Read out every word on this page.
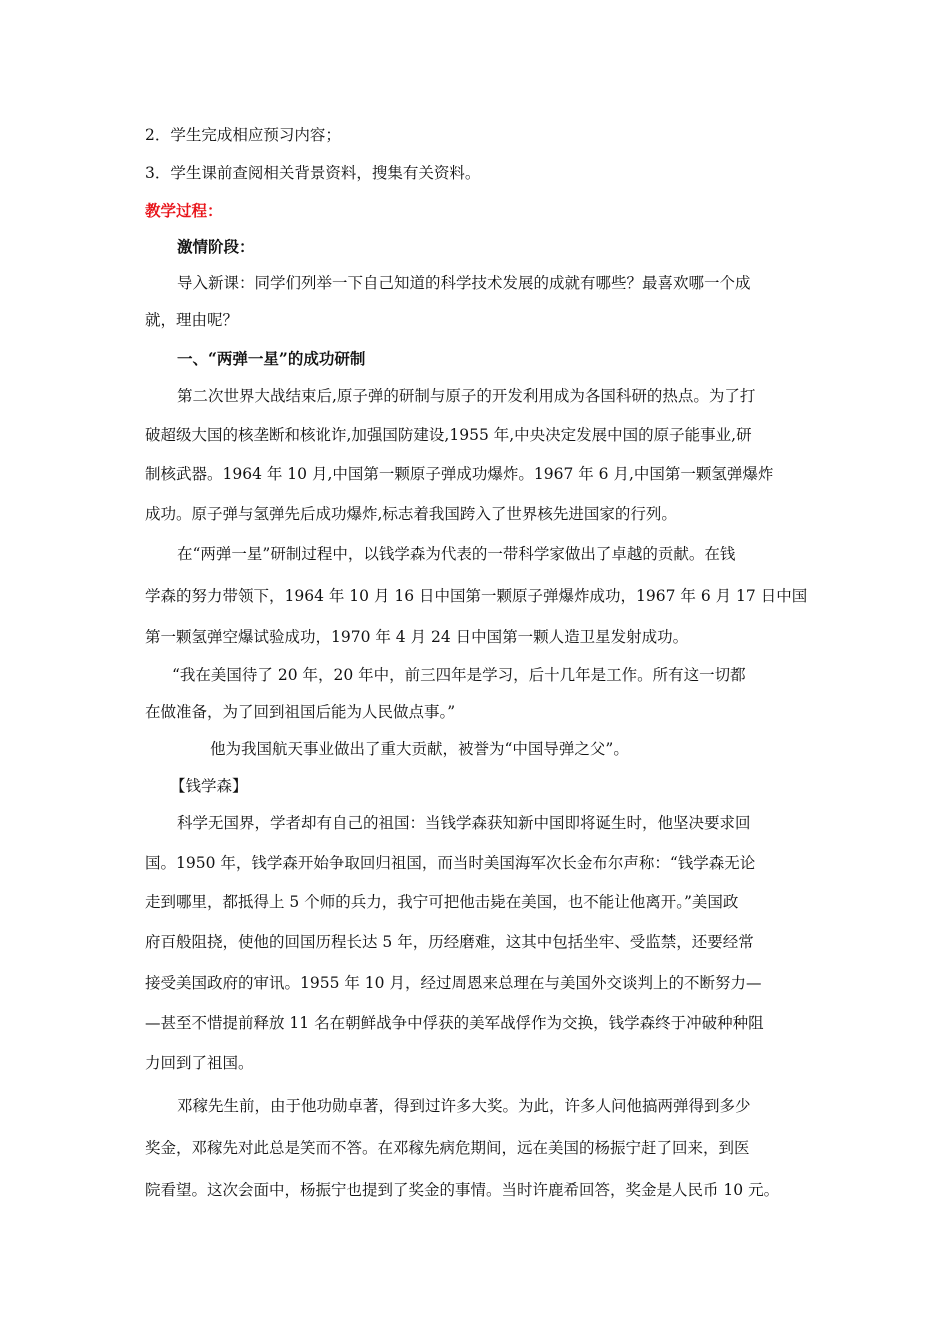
2．学生完成相应预习内容；
3．学生课前查阅相关背景资料，搜集有关资料。
教学过程：
激情阶段：
导入新课：同学们列举一下自己知道的科学技术发展的成就有哪些？最喜欢哪一个成
就，理由呢？
一、“两弹一星”的成功研制
第二次世界大战结束后,原子弹的研制与原子的开发利用成为各国科研的热点。为了打
破超级大国的核垄断和核讹诈,加强国防建设,1955 年,中央决定发展中国的原子能事业,研
制核武器。1964 年 10 月,中国第一颗原子弹成功爆炸。1967 年 6 月,中国第一颗氢弹爆炸
成功。原子弹与氢弹先后成功爆炸,标志着我国跨入了世界核先进国家的行列。
在“两弹一星”研制过程中，以钱学森为代表的一带科学家做出了卓越的贡献。在钱
学森的努力带领下，1964 年 10 月 16 日中国第一颗原子弹爆炸成功，1967 年 6 月 17 日中国
第一颗氢弹空爆试验成功，1970 年 4 月 24 日中国第一颗人造卫星发射成功。
“我在美国待了 20 年，20 年中，前三四年是学习，后十几年是工作。所有这一切都
在做准备，为了回到祖国后能为人民做点事。”
他为我国航天事业做出了重大贡献，被誉为“中国导弹之父”。
【钱学森】
科学无国界，学者却有自己的祖国：当钱学森获知新中国即将诞生时，他坚决要求回
国。1950 年，钱学森开始争取回归祖国，而当时美国海军次长金布尔声称：“钱学森无论
走到哪里，都抵得上 5 个师的兵力，我宁可把他击毙在美国，也不能让他离开。”美国政
府百般阻挠，使他的回国历程长达 5 年，历经磨难，这其中包括坐牢、受监禁，还要经常
接受美国政府的审讯。1955 年 10 月，经过周恩来总理在与美国外交谈判上的不断努力—
—甚至不惜提前释放 11 名在朝鲜战争中俘获的美军战俘作为交换，钱学森终于冲破种种阻
力回到了祖国。
邓稼先生前，由于他功勋卓著，得到过许多大奖。为此，许多人问他搞两弹得到多少
奖金，邓稼先对此总是笑而不答。在邓稼先病危期间，远在美国的杨振宁赶了回来，到医
院看望。这次会面中，杨振宁也提到了奖金的事情。当时许鹿希回答，奖金是人民币 10 元。
